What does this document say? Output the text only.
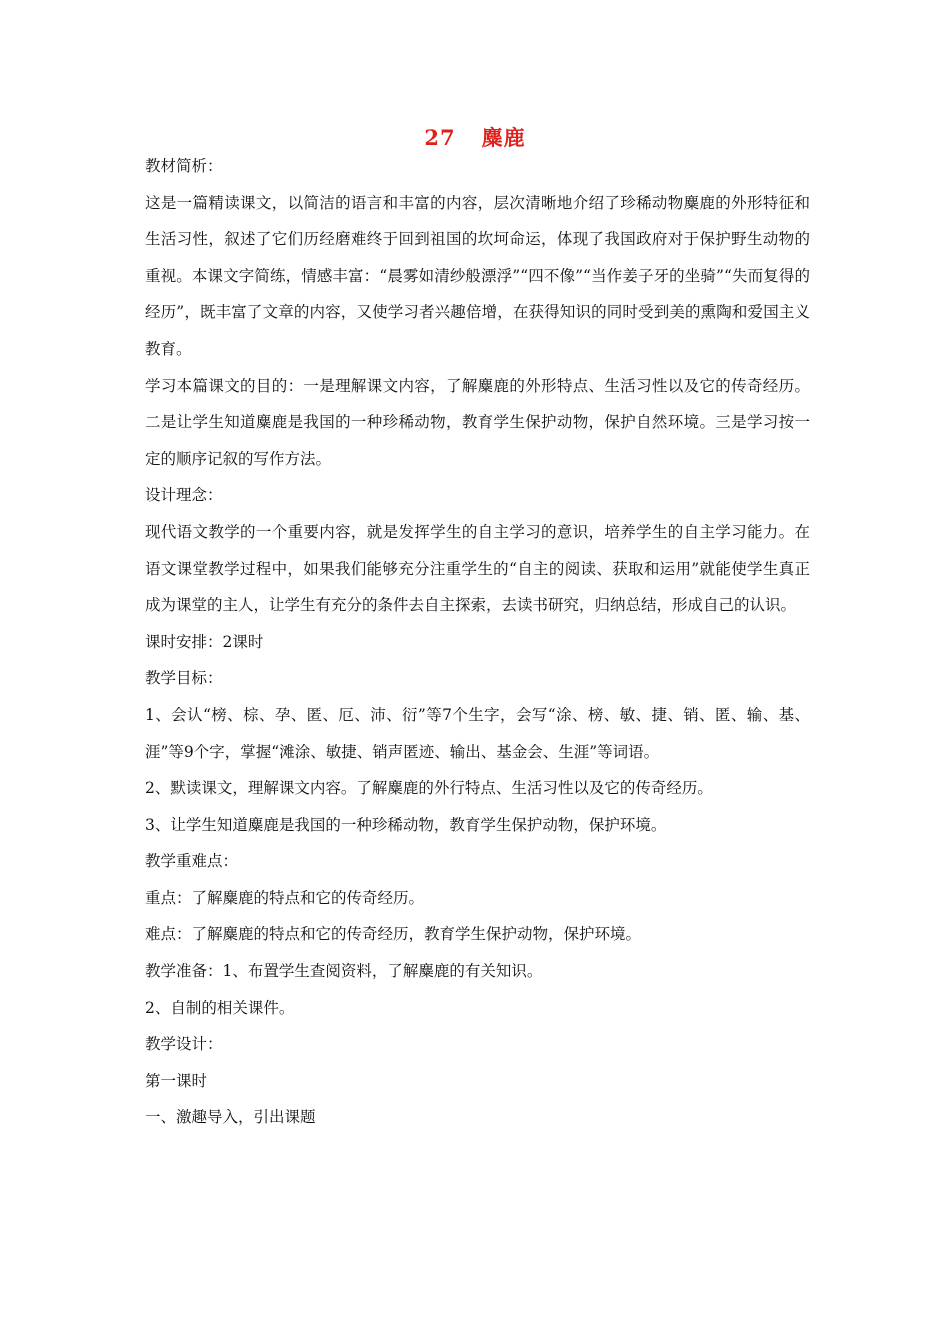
27 麋鹿

教材简析：

这是一篇精读课文，以简洁的语言和丰富的内容，层次清晰地介绍了珍稀动物麋鹿的外形特征和生活习性，叙述了它们历经磨难终于回到祖国的坎坷命运，体现了我国政府对于保护野生动物的重视。本课文字简练，情感丰富：“晨雾如清纱般漂浮”“四不像”“当作姜子牙的坐骑”“失而复得的经历”，既丰富了文章的内容，又使学习者兴趣倍增，在获得知识的同时受到美的熏陶和爱国主义教育。

学习本篇课文的目的：一是理解课文内容，了解麋鹿的外形特点、生活习性以及它的传奇经历。二是让学生知道麋鹿是我国的一种珍稀动物，教育学生保护动物，保护自然环境。三是学习按一定的顺序记叙的写作方法。

设计理念：

现代语文教学的一个重要内容，就是发挥学生的自主学习的意识，培养学生的自主学习能力。在语文课堂教学过程中，如果我们能够充分注重学生的“自主的阅读、获取和运用”就能使学生真正成为课堂的主人，让学生有充分的条件去自主探索，去读书研究，归纳总结，形成自己的认识。

课时安排：2课时

教学目标：

1、会认“榜、棕、孕、匿、厄、沛、衍”等7个生字，会写“涂、榜、敏、捷、销、匿、输、基、涯”等9个字，掌握“滩涂、敏捷、销声匿迹、输出、基金会、生涯”等词语。

2、默读课文，理解课文内容。了解麋鹿的外行特点、生活习性以及它的传奇经历。

3、让学生知道麋鹿是我国的一种珍稀动物，教育学生保护动物，保护环境。

教学重难点：

重点：了解麋鹿的特点和它的传奇经历。

难点：了解麋鹿的特点和它的传奇经历，教育学生保护动物，保护环境。

教学准备：1、布置学生查阅资料，了解麋鹿的有关知识。

2、自制的相关课件。

教学设计：

第一课时

一、激趣导入，引出课题
